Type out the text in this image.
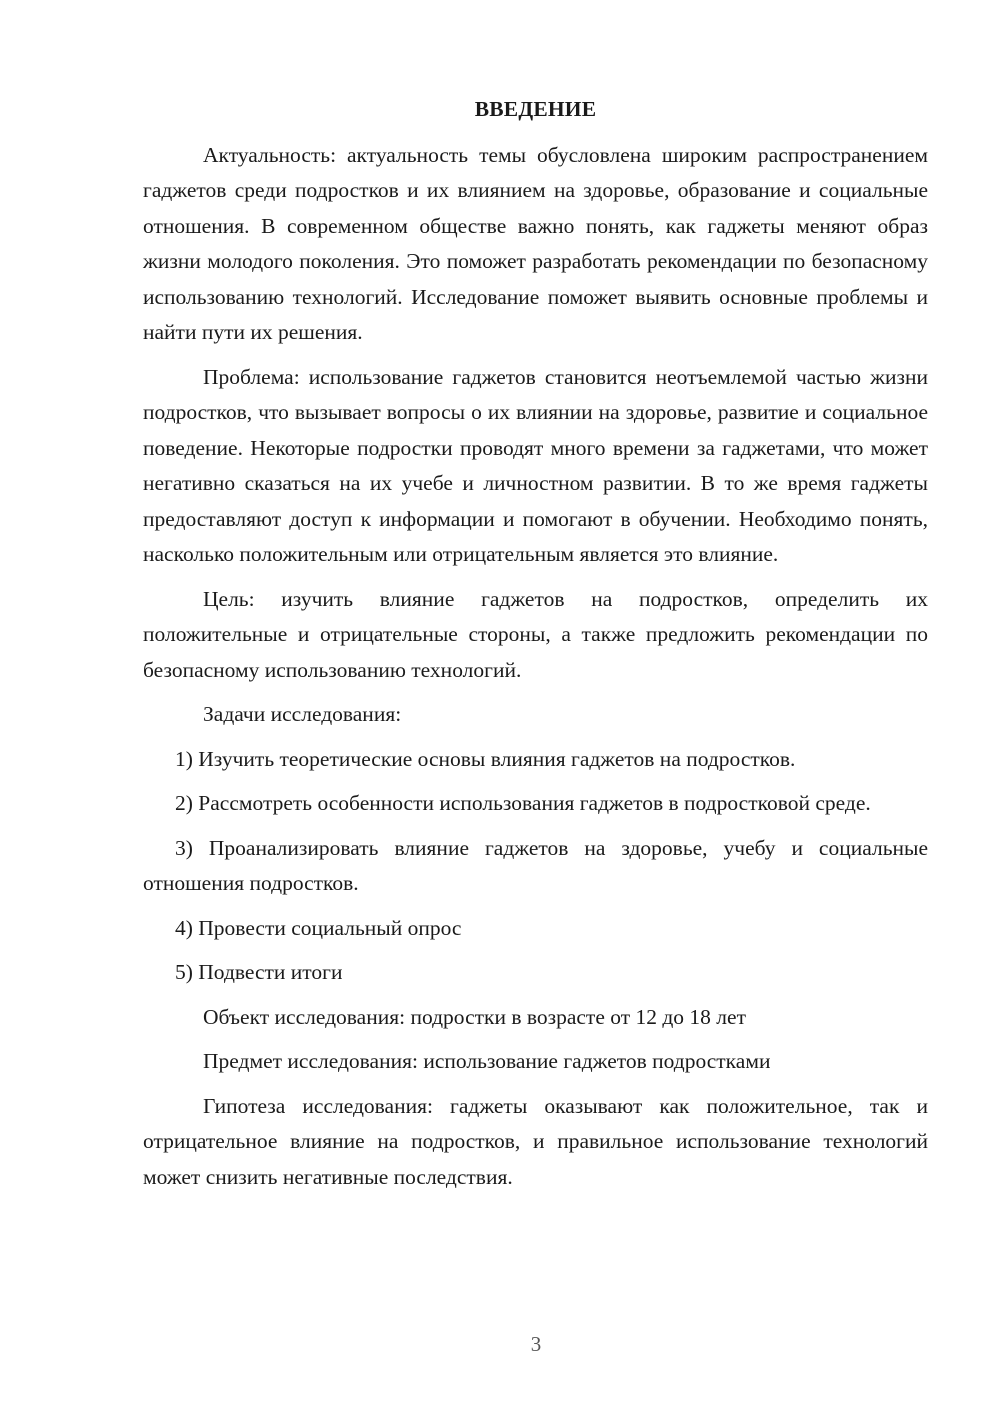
ВВЕДЕНИЕ

Актуальность: актуальность темы обусловлена широким распространением гаджетов среди подростков и их влиянием на здоровье, образование и социальные отношения. В современном обществе важно понять, как гаджеты меняют образ жизни молодого поколения. Это поможет разработать рекомендации по безопасному использованию технологий. Исследование поможет выявить основные проблемы и найти пути их решения.

Проблема: использование гаджетов становится неотъемлемой частью жизни подростков, что вызывает вопросы о их влиянии на здоровье, развитие и социальное поведение. Некоторые подростки проводят много времени за гаджетами, что может негативно сказаться на их учебе и личностном развитии. В то же время гаджеты предоставляют доступ к информации и помогают в обучении. Необходимо понять, насколько положительным или отрицательным является это влияние.

Цель: изучить влияние гаджетов на подростков, определить их положительные и отрицательные стороны, а также предложить рекомендации по безопасному использованию технологий.

Задачи исследования:

1) Изучить теоретические основы влияния гаджетов на подростков.

2) Рассмотреть особенности использования гаджетов в подростковой среде.

3) Проанализировать влияние гаджетов на здоровье, учебу и социальные отношения подростков.

4) Провести социальный опрос

5) Подвести итоги

Объект исследования: подростки в возрасте от 12 до 18 лет

Предмет исследования: использование гаджетов подростками

Гипотеза исследования: гаджеты оказывают как положительное, так и отрицательное влияние на подростков, и правильное использование технологий может снизить негативные последствия.

3
